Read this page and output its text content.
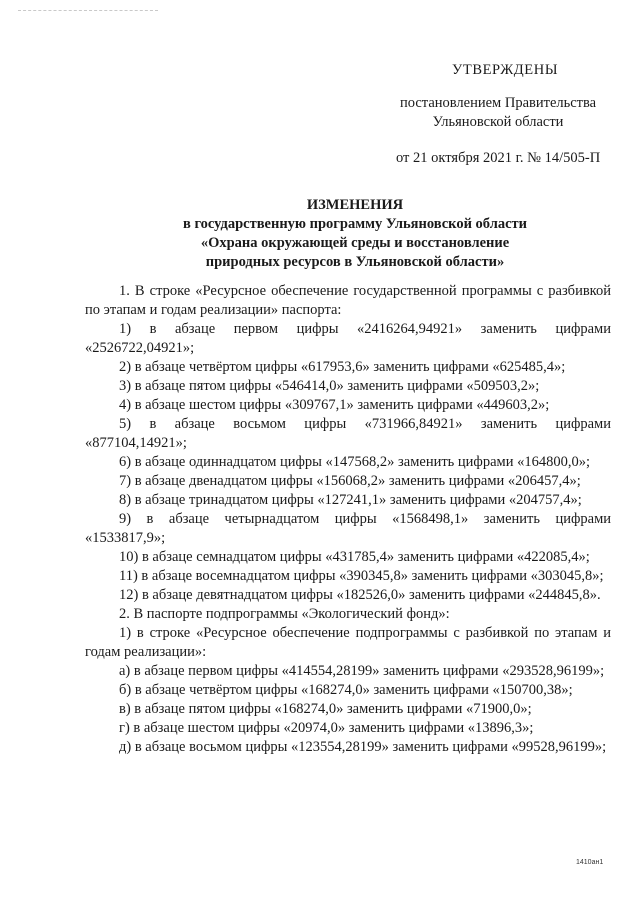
УТВЕРЖДЕНЫ
постановлением Правительства
Ульяновской области
от 21 октября 2021 г. № 14/505-П
ИЗМЕНЕНИЯ
в государственную программу Ульяновской области
«Охрана окружающей среды и восстановление
природных ресурсов в Ульяновской области»

1. В строке «Ресурсное обеспечение государственной программы с разбивкой по этапам и годам реализации» паспорта:

1) в абзаце первом цифры «2416264,94921» заменить цифрами «2526722,04921»;

2) в абзаце четвёртом цифры «617953,6» заменить цифрами «625485,4»;

3) в абзаце пятом цифры «546414,0» заменить цифрами «509503,2»;

4) в абзаце шестом цифры «309767,1» заменить цифрами «449603,2»;

5) в абзаце восьмом цифры «731966,84921» заменить цифрами «877104,14921»;

6) в абзаце одиннадцатом цифры «147568,2» заменить цифрами «164800,0»;

7) в абзаце двенадцатом цифры «156068,2» заменить цифрами «206457,4»;

8) в абзаце тринадцатом цифры «127241,1» заменить цифрами «204757,4»;

9) в абзаце четырнадцатом цифры «1568498,1» заменить цифрами «1533817,9»;

10) в абзаце семнадцатом цифры «431785,4» заменить цифрами «422085,4»;

11) в абзаце восемнадцатом цифры «390345,8» заменить цифрами «303045,8»;

12) в абзаце девятнадцатом цифры «182526,0» заменить цифрами «244845,8».

2. В паспорте подпрограммы «Экологический фонд»:

1) в строке «Ресурсное обеспечение подпрограммы с разбивкой по этапам и годам реализации»:

а) в абзаце первом цифры «414554,28199» заменить цифрами «293528,96199»;

б) в абзаце четвёртом цифры «168274,0» заменить цифрами «150700,38»;

в) в абзаце пятом цифры «168274,0» заменить цифрами «71900,0»;

г) в абзаце шестом цифры «20974,0» заменить цифрами «13896,3»;

д) в абзаце восьмом цифры «123554,28199» заменить цифрами «99528,96199»;

1410ан1
